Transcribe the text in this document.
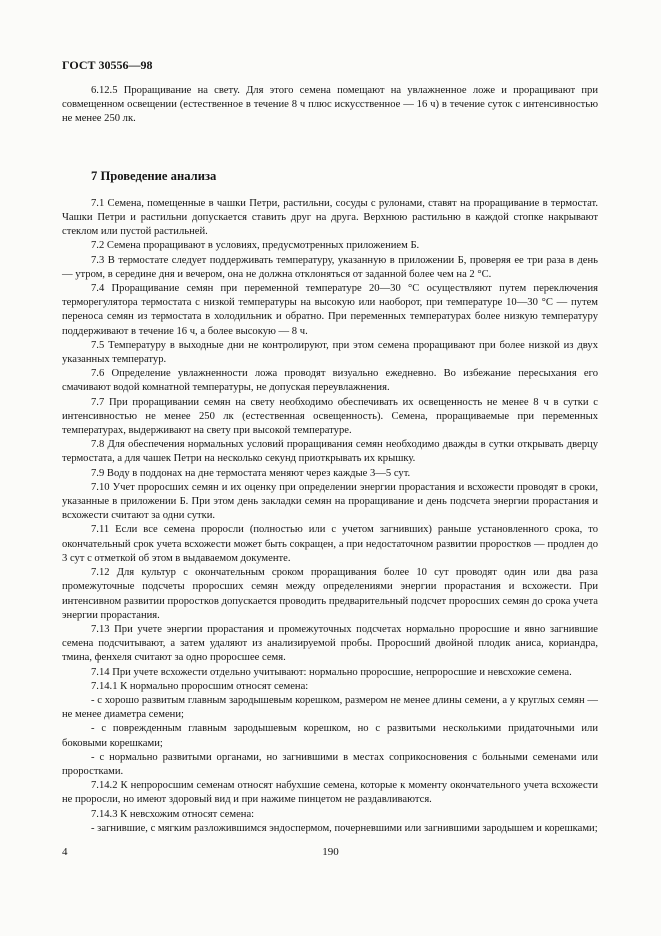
ГОСТ 30556—98

6.12.5 Проращивание на свету. Для этого семена помещают на увлажненное ложе и проращивают при совмещенном освещении (естественное в течение 8 ч плюс искусственное — 16 ч) в течение суток с интенсивностью не менее 250 лк.

7 Проведение анализа

7.1 Семена, помещенные в чашки Петри, растильни, сосуды с рулонами, ставят на проращивание в термостат. Чашки Петри и растильни допускается ставить друг на друга. Верхнюю растильню в каждой стопке накрывают стеклом или пустой растильней.

7.2 Семена проращивают в условиях, предусмотренных приложением Б.

7.3 В термостате следует поддерживать температуру, указанную в приложении Б, проверяя ее три раза в день — утром, в середине дня и вечером, она не должна отклоняться от заданной более чем на 2 °С.

7.4 Проращивание семян при переменной температуре 20—30 °С осуществляют путем переключения терморегулятора термостата с низкой температуры на высокую или наоборот, при температуре 10—30 °С — путем переноса семян из термостата в холодильник и обратно. При переменных температурах более низкую температуру поддерживают в течение 16 ч, а более высокую — 8 ч.

7.5 Температуру в выходные дни не контролируют, при этом семена проращивают при более низкой из двух указанных температур.

7.6 Определение увлажненности ложа проводят визуально ежедневно. Во избежание пересыхания его смачивают водой комнатной температуры, не допуская переувлажнения.

7.7 При проращивании семян на свету необходимо обеспечивать их освещенность не менее 8 ч в сутки с интенсивностью не менее 250 лк (естественная освещенность). Семена, проращиваемые при переменных температурах, выдерживают на свету при высокой температуре.

7.8 Для обеспечения нормальных условий проращивания семян необходимо дважды в сутки открывать дверцу термостата, а для чашек Петри на несколько секунд приоткрывать их крышку.

7.9 Воду в поддонах на дне термостата меняют через каждые 3—5 сут.

7.10 Учет проросших семян и их оценку при определении энергии прорастания и всхожести проводят в сроки, указанные в приложении Б. При этом день закладки семян на проращивание и день подсчета энергии прорастания и всхожести считают за одни сутки.

7.11 Если все семена проросли (полностью или с учетом загнивших) раньше установленного срока, то окончательный срок учета всхожести может быть сокращен, а при недостаточном развитии проростков — продлен до 3 сут с отметкой об этом в выдаваемом документе.

7.12 Для культур с окончательным сроком проращивания более 10 сут проводят один или два раза промежуточные подсчеты проросших семян между определениями энергии прорастания и всхожести. При интенсивном развитии проростков допускается проводить предварительный подсчет проросших семян до срока учета энергии прорастания.

7.13 При учете энергии прорастания и промежуточных подсчетах нормально проросшие и явно загнившие семена подсчитывают, а затем удаляют из анализируемой пробы. Проросший двойной плодик аниса, кориандра, тмина, фенхеля считают за одно проросшее семя.

7.14 При учете всхожести отдельно учитывают: нормально проросшие, непроросшие и невсхожие семена.

7.14.1 К нормально проросшим относят семена:

- с хорошо развитым главным зародышевым корешком, размером не менее длины семени, а у круглых семян — не менее диаметра семени;

- с поврежденным главным зародышевым корешком, но с развитыми несколькими придаточными или боковыми корешками;

- с нормально развитыми органами, но загнившими в местах соприкосновения с больными семенами или проростками.

7.14.2 К непроросшим семенам относят набухшие семена, которые к моменту окончательного учета всхожести не проросли, но имеют здоровый вид и при нажиме пинцетом не раздавливаются.

7.14.3 К невсхожим относят семена:

- загнившие, с мягким разложившимся эндоспермом, почерневшими или загнившими зародышем и корешками;

4	190
